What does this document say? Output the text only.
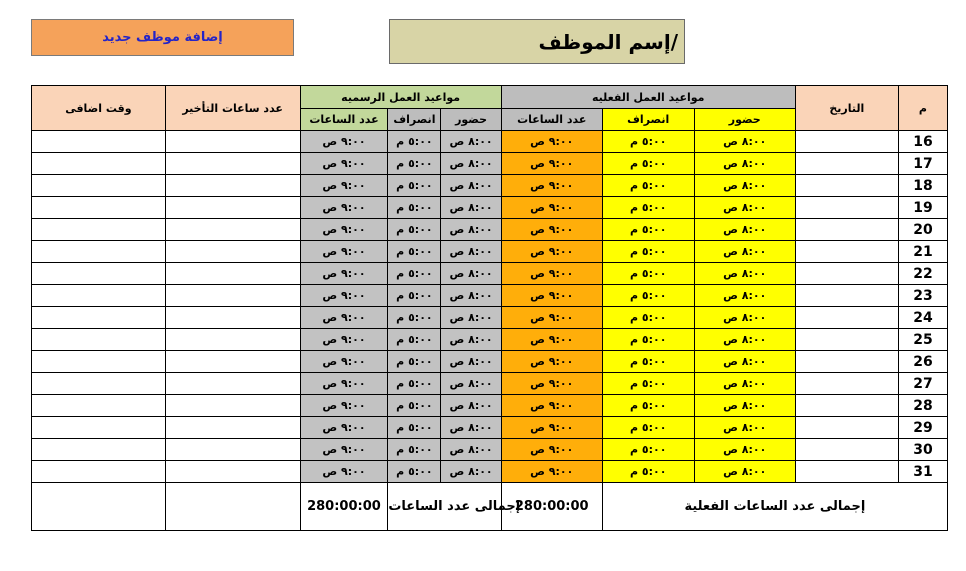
إضافة موظف جديد	إسم الموظف/
وقت اضافى	عدد ساعات التأخير	مواعيد العمل الرسميه			مواعيد العمل الفعليه			التاريخ	م
		عدد الساعات	انصراف	حضور	عدد الساعات	انصراف	حضور		
		٩:٠٠ ص	٥:٠٠ م	٨:٠٠ ص	٩:٠٠ ص	٥:٠٠ م	٨:٠٠ ص		16
		٩:٠٠ ص	٥:٠٠ م	٨:٠٠ ص	٩:٠٠ ص	٥:٠٠ م	٨:٠٠ ص		17
		٩:٠٠ ص	٥:٠٠ م	٨:٠٠ ص	٩:٠٠ ص	٥:٠٠ م	٨:٠٠ ص		18
		٩:٠٠ ص	٥:٠٠ م	٨:٠٠ ص	٩:٠٠ ص	٥:٠٠ م	٨:٠٠ ص		19
		٩:٠٠ ص	٥:٠٠ م	٨:٠٠ ص	٩:٠٠ ص	٥:٠٠ م	٨:٠٠ ص		20
		٩:٠٠ ص	٥:٠٠ م	٨:٠٠ ص	٩:٠٠ ص	٥:٠٠ م	٨:٠٠ ص		21
		٩:٠٠ ص	٥:٠٠ م	٨:٠٠ ص	٩:٠٠ ص	٥:٠٠ م	٨:٠٠ ص		22
		٩:٠٠ ص	٥:٠٠ م	٨:٠٠ ص	٩:٠٠ ص	٥:٠٠ م	٨:٠٠ ص		23
		٩:٠٠ ص	٥:٠٠ م	٨:٠٠ ص	٩:٠٠ ص	٥:٠٠ م	٨:٠٠ ص		24
		٩:٠٠ ص	٥:٠٠ م	٨:٠٠ ص	٩:٠٠ ص	٥:٠٠ م	٨:٠٠ ص		25
		٩:٠٠ ص	٥:٠٠ م	٨:٠٠ ص	٩:٠٠ ص	٥:٠٠ م	٨:٠٠ ص		26
		٩:٠٠ ص	٥:٠٠ م	٨:٠٠ ص	٩:٠٠ ص	٥:٠٠ م	٨:٠٠ ص		27
		٩:٠٠ ص	٥:٠٠ م	٨:٠٠ ص	٩:٠٠ ص	٥:٠٠ م	٨:٠٠ ص		28
		٩:٠٠ ص	٥:٠٠ م	٨:٠٠ ص	٩:٠٠ ص	٥:٠٠ م	٨:٠٠ ص		29
		٩:٠٠ ص	٥:٠٠ م	٨:٠٠ ص	٩:٠٠ ص	٥:٠٠ م	٨:٠٠ ص		30
		٩:٠٠ ص	٥:٠٠ م	٨:٠٠ ص	٩:٠٠ ص	٥:٠٠ م	٨:٠٠ ص		31
		280:00:00	إجمالى عدد الساعات		280:00:00	إجمالى عدد الساعات الفعلية			
